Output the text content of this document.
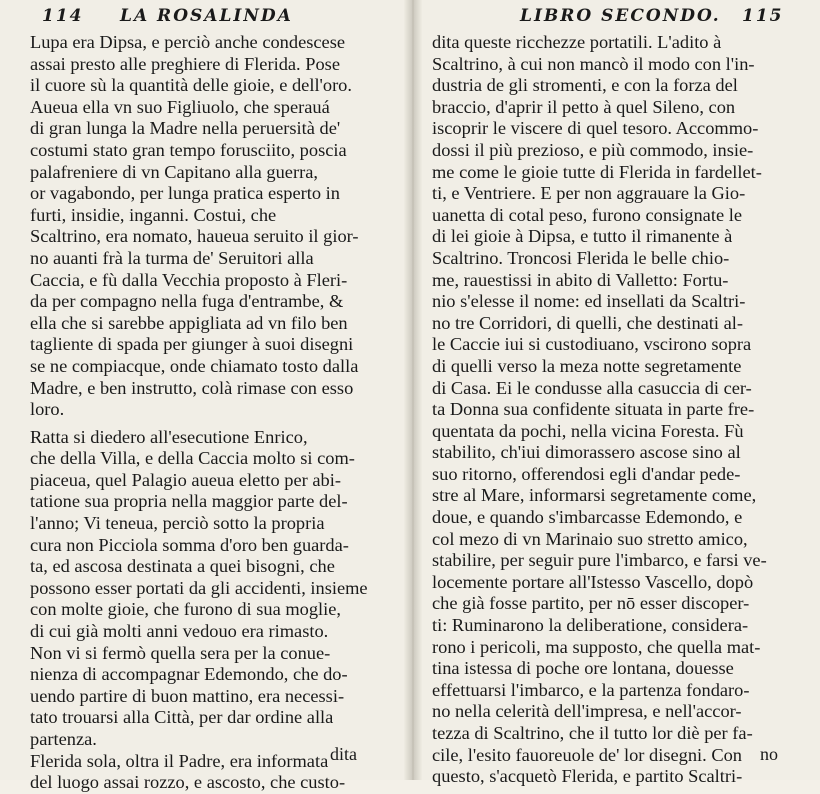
114 LA ROSALINDA
Lupa era Dipsa, e perciò anche condescese
assai presto alle preghiere di Flerida. Pose
il cuore sù la quantità delle gioie, e dell'oro.
Aueua ella vn suo Figliuolo, che sperauá
di gran lunga la Madre nella peruersità de'
costumi stato gran tempo forusciito, poscia
palafreniere di vn Capitano alla guerra,
or vagabondo, per lunga pratica esperto in
furti, insidie, inganni. Costui, che
Scaltrino, era nomato, haueua seruito il gior-
no auanti frà la turma de' Seruitori alla
Caccia, e fù dalla Vecchia proposto à Fleri-
da per compagno nella fuga d'entrambe, &
ella che si sarebbe appigliata ad vn filo ben
tagliente di spada per giunger à suoi disegni
se ne compiacque, onde chiamato tosto dalla
Madre, e ben instrutto, colà rimase con esso
loro.
Ratta si diedero all'esecutione Enrico,
che della Villa, e della Caccia molto si com-
piaceua, quel Palagio aueua eletto per abi-
tatione sua propria nella maggior parte del-
l'anno; Vi teneua, perciò sotto la propria
cura non Picciola somma d'oro ben guarda-
ta, ed ascosa destinata a quei bisogni, che
possono esser portati da gli accidenti, insieme
con molte gioie, che furono di sua moglie,
di cui già molti anni vedouo era rimasto.
Non vi si fermò quella sera per la conue-
nienza di accompagnar Edemondo, che do-
uendo partire di buon mattino, era necessi-
tato trouarsi alla Città, per dar ordine alla
partenza.
Flerida sola, oltra il Padre, era informata
del luogo assai rozzo, e ascosto, che custo-
dita
LIBRO SECONDO. 115
dita queste ricchezze portatili. L'adito à
Scaltrino, à cui non mancò il modo con l'in-
dustria de gli stromenti, e con la forza del
braccio, d'aprir il petto à quel Sileno, con
iscoprir le viscere di quel tesoro. Accommo-
dossi il più prezioso, e più commodo, insie-
me come le gioie tutte di Flerida in fardellet-
ti, e Ventriere. E per non aggrauare la Gio-
uanetta di cotal peso, furono consignate le
di lei gioie à Dipsa, e tutto il rimanente à
Scaltrino. Troncosi Flerida le belle chio-
me, rauestissi in abito di Valletto: Fortu-
nio s'elesse il nome: ed insellati da Scaltri-
no tre Corridori, di quelli, che destinati al-
le Caccie iui si custodiuano, vscirono sopra
di quelli verso la meza notte segretamente
di Casa. Ei le condusse alla casuccia di cer-
ta Donna sua confidente situata in parte fre-
quentata da pochi, nella vicina Foresta. Fù
stabilito, ch'iui dimorassero ascose sino al
suo ritorno, offerendosi egli d'andar pede-
stre al Mare, informarsi segretamente come,
doue, e quando s'imbarcasse Edemondo, e
col mezo di vn Marinaio suo stretto amico,
stabilire, per seguir pure l'imbarco, e farsi ve-
locemente portare all'Istesso Vascello, dopò
che già fosse partito, per nō esser discoper-
ti: Ruminarono la deliberatione, considera-
rono i pericoli, ma supposto, che quella mat-
tina istessa di poche ore lontana, douesse
effettuarsi l'imbarco, e la partenza fondaro-
no nella celerità dell'impresa, e nell'accor-
tezza di Scaltrino, che il tutto lor diè per fa-
cile, l'esito fauoreuole de' lor disegni. Con
questo, s'acquetò Flerida, e partito Scaltri-
no
